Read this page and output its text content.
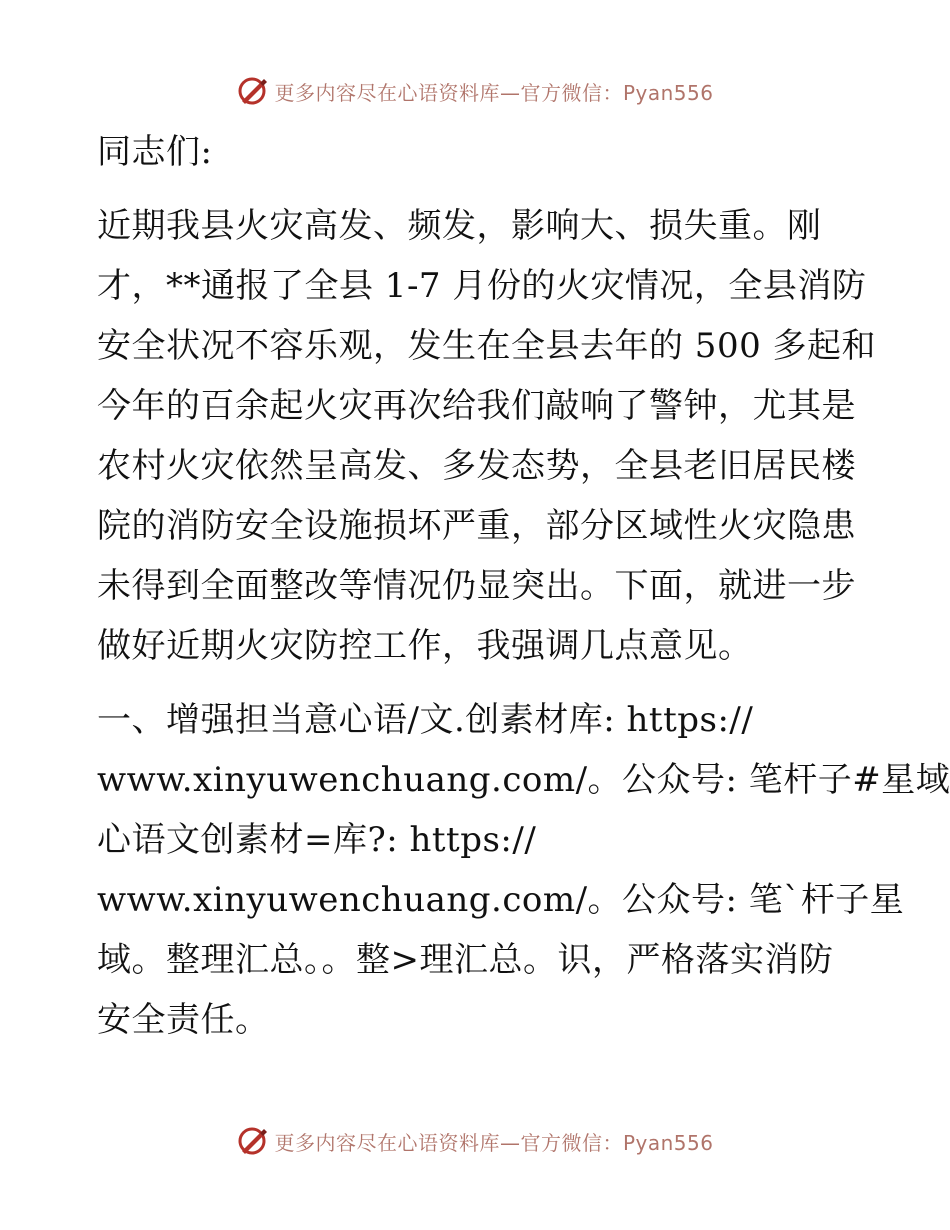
更多内容尽在心语资料库—官方微信：Pyan556
同志们:
近期我县火灾高发、频发，影响大、损失重。刚
才，**通报了全县 1-7 月份的火灾情况，全县消防
安全状况不容乐观，发生在全县去年的 500 多起和
今年的百余起火灾再次给我们敲响了警钟，尤其是
农村火灾依然呈高发、多发态势，全县老旧居民楼
院的消防安全设施损坏严重，部分区域性火灾隐患
未得到全面整改等情况仍显突出。下面，就进一步
做好近期火灾防控工作，我强调几点意见。
一、增强担当意心语/文.创素材库: https://
www.xinyuwenchuang.com/。公众号: 笔杆子#星域
心语文创素材=库?: https://
www.xinyuwenchuang.com/。公众号: 笔`杆子星
域。整理汇总。。整>理汇总。识，严格落实消防
安全责任。
更多内容尽在心语资料库—官方微信：Pyan556
